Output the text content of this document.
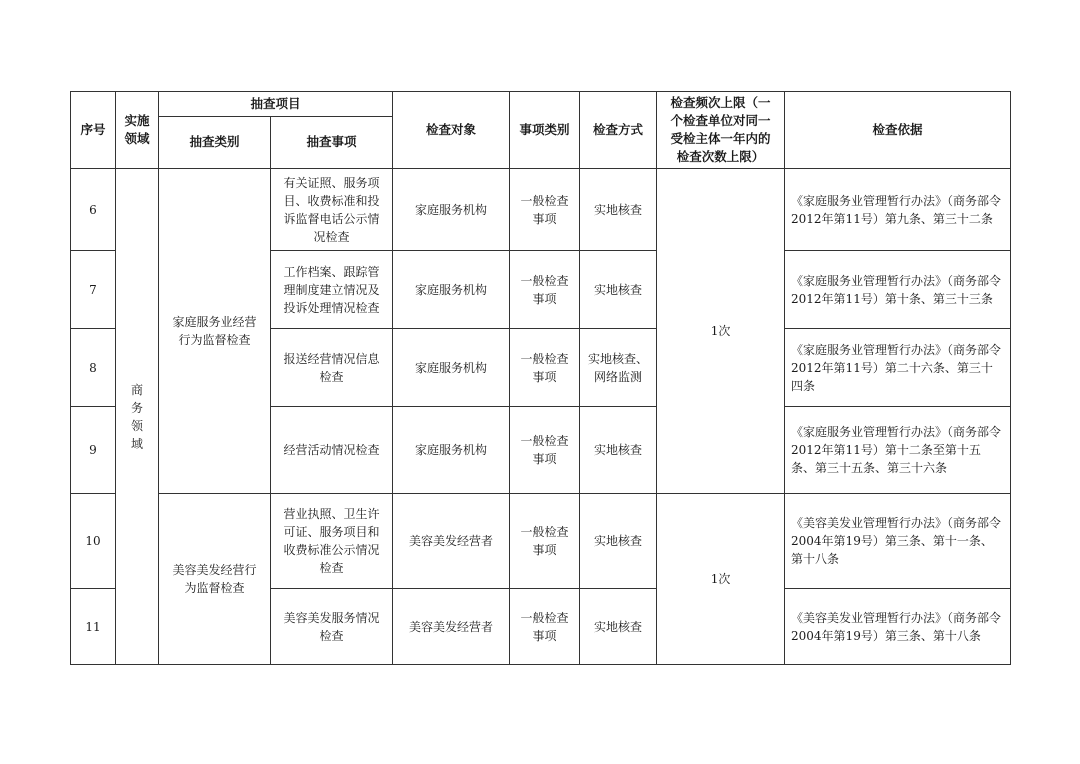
序号	实施领域	抽查项目		检查对象	事项类别	检查方式	检查频次上限（一个检查单位对同一受检主体一年内的检查次数上限）	检查依据
		抽查类别	抽查事项					
6	商务领域	家庭服务业经营行为监督检查	有关证照、服务项目、收费标准和投诉监督电话公示情况检查	家庭服务机构	一般检查事项	实地核查	1次	《家庭服务业管理暂行办法》（商务部令2012年第11号）第九条、第三十二条
7			工作档案、跟踪管理制度建立情况及投诉处理情况检查	家庭服务机构	一般检查事项	实地核查		《家庭服务业管理暂行办法》（商务部令2012年第11号）第十条、第三十三条
8			报送经营情况信息检查	家庭服务机构	一般检查事项	实地核查、网络监测		《家庭服务业管理暂行办法》（商务部令2012年第11号）第二十六条、第三十四条
9			经营活动情况检查	家庭服务机构	一般检查事项	实地核查		《家庭服务业管理暂行办法》（商务部令2012年第11号）第十二条至第十五条、第三十五条、第三十六条
10		美容美发经营行为监督检查	营业执照、卫生许可证、服务项目和收费标准公示情况检查	美容美发经营者	一般检查事项	实地核查	1次	《美容美发业管理暂行办法》（商务部令2004年第19号）第三条、第十一条、第十八条
11			美容美发服务情况检查	美容美发经营者	一般检查事项	实地核查		《美容美发业管理暂行办法》（商务部令2004年第19号）第三条、第十八条
